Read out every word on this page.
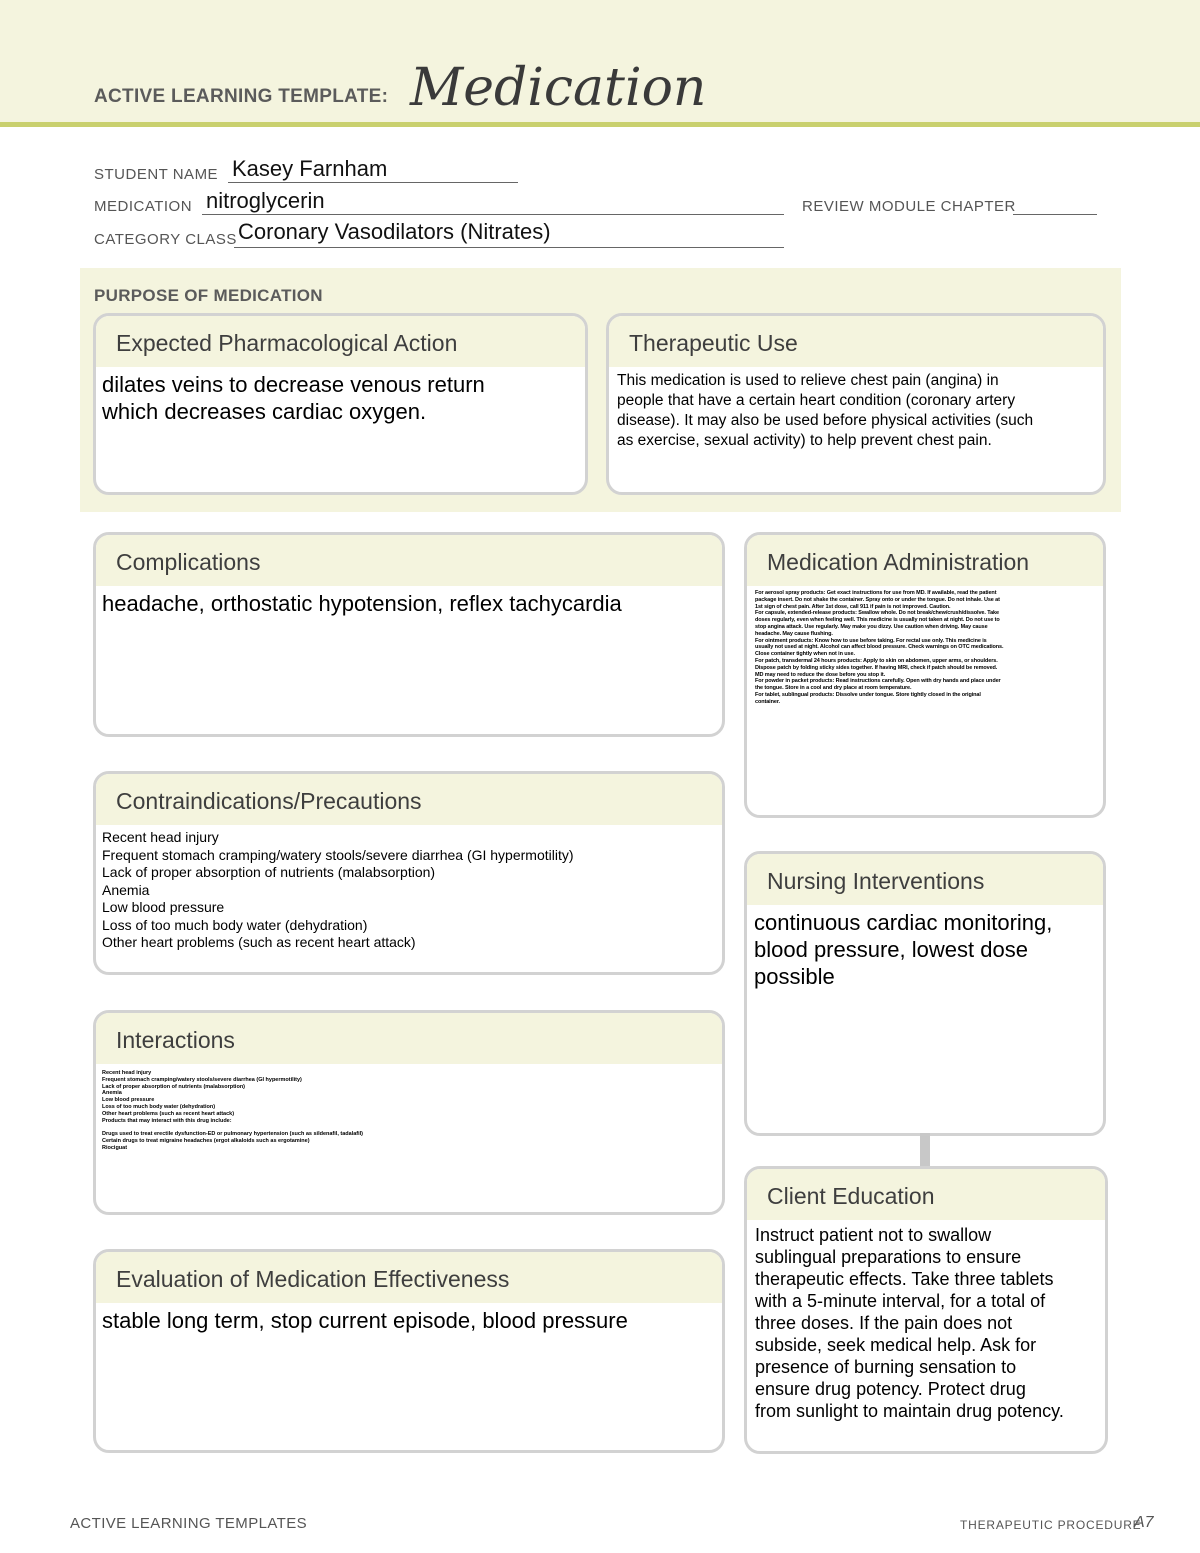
ACTIVE LEARNING TEMPLATE: Medication
STUDENT NAME Kasey Farnham
MEDICATION nitroglycerin	REVIEW MODULE CHAPTER
CATEGORY CLASS Coronary Vasodilators (Nitrates)
PURPOSE OF MEDICATION
Expected Pharmacological Action
dilates veins to decrease venous return
which decreases cardiac oxygen.
Therapeutic Use
This medication is used to relieve chest pain (angina) in
people that have a certain heart condition (coronary artery
disease). It may also be used before physical activities (such
as exercise, sexual activity) to help prevent chest pain.
Complications
headache, orthostatic hypotension, reflex tachycardia
Medication Administration
For aerosol spray products: Get exact instructions for use from MD. If available, read the patient
package insert. Do not shake the container. Spray onto or under the tongue. Do not inhale. Use at
1st sign of chest pain. After 1st dose, call 911 if pain is not improved. Caution.
For capsule, extended-release products: Swallow whole. Do not break/chew/crush/dissolve. Take
doses regularly, even when feeling well. This medicine is usually not taken at night. Do not use to
stop angina attack. Use regularly. May make you dizzy. Use caution when driving. May cause
headache. May cause flushing.
For ointment products: Know how to use before taking. For rectal use only. This medicine is
usually not used at night. Alcohol can affect blood pressure. Check warnings on OTC medications.
Close container tightly when not in use.
For patch, transdermal 24 hours products: Apply to skin on abdomen, upper arms, or shoulders.
Dispose patch by folding sticky sides together. If having MRI, check if patch should be removed.
MD may need to reduce the dose before you stop it.
For powder in packet products: Read instructions carefully. Open with dry hands and place under
the tongue. Store in a cool and dry place at room temperature.
For tablet, sublingual products: Dissolve under tongue. Store tightly closed in the original
container.
Contraindications/Precautions
Recent head injury
Frequent stomach cramping/watery stools/severe diarrhea (GI hypermotility)
Lack of proper absorption of nutrients (malabsorption)
Anemia
Low blood pressure
Loss of too much body water (dehydration)
Other heart problems (such as recent heart attack)
Nursing Interventions
continuous cardiac monitoring,
blood pressure, lowest dose
possible
Interactions
Recent head injury
Frequent stomach cramping/watery stools/severe diarrhea (GI hypermotility)
Lack of proper absorption of nutrients (malabsorption)
Anemia
Low blood pressure
Loss of too much body water (dehydration)
Other heart problems (such as recent heart attack)
Products that may interact with this drug include:
Drugs used to treat erectile dysfunction-ED or pulmonary hypertension (such as sildenafil, tadalafil)
Certain drugs to treat migraine headaches (ergot alkaloids such as ergotamine)
Riociguat
Client Education
Instruct patient not to swallow
sublingual preparations to ensure
therapeutic effects. Take three tablets
with a 5-minute interval, for a total of
three doses. If the pain does not
subside, seek medical help. Ask for
presence of burning sensation to
ensure drug potency. Protect drug
from sunlight to maintain drug potency.
Evaluation of Medication Effectiveness
stable long term, stop current episode, blood pressure
ACTIVE LEARNING TEMPLATES	THERAPEUTIC PROCEDURE
A7
